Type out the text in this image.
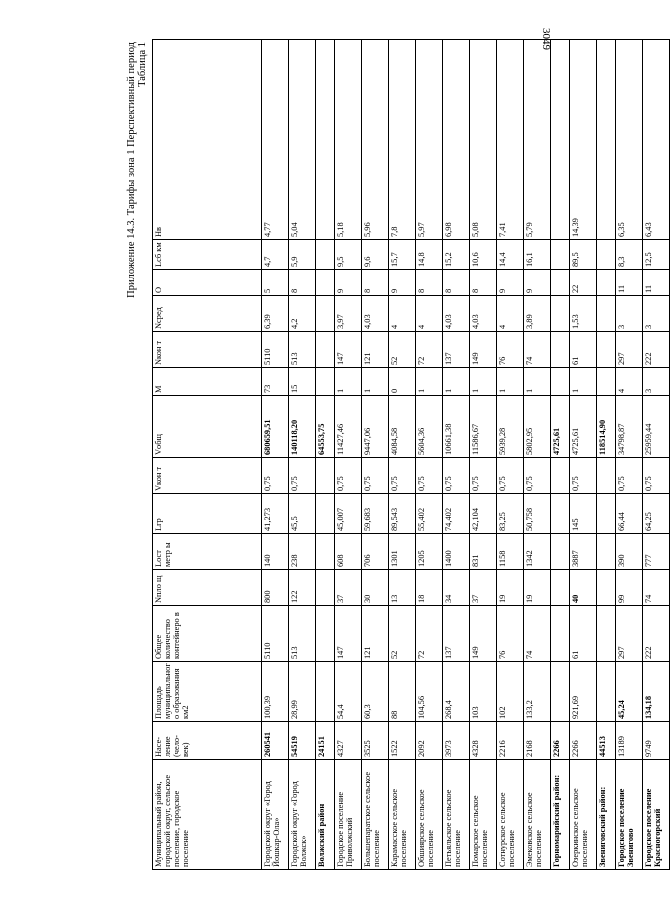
3049
Приложение 14.3. Тарифы зона 1 Перспективный период Таблица 1
Муниципальный район, городской округ, сельское поселение, городское поселение	Насе-ление (чело-век)	Площадь муниципальног о образования км2	Общее количество контейнеро в	Nпло щ	Lост метр ы	Lгр	Vкон т	Vобщ	М	Nкон т	Nсред	О	Lсб км	Нв
Городской округ «Город Йошкар-Ола»	260541	100,39	5110	800	140	41,273	0,75	680659,51	73	5110	6,39	5	4,7	4,77
Городской округ «Город Волжск»	54519	28,99	513	122	238	45,5	0,75	140118,20	15	513	4,2	8	5,9	5,04
Волжский район	24151							64553,75						
Городское поселение Приволжский	4327	54,4	147	37	608	45,007	0,75	11427,46	1	147	3,97	9	9,5	5,18
Большепаратское сельское поселение	3525	60,3	121	30	706	59,683	0,75	9447,06	1	121	4,03	8	9,6	5,96
Карамасское сельское поселение	1522	88	52	13	1301	89,543	0,75	4084,58	0	52	4	9	15,7	7,8
Обшиярское сельское поселение	2092	104,56	72	18	1205	55,402	0,75	5604,36	1	72	4	8	14,8	5,97
Петьяльское сельское поселение	3973	268,4	137	34	1400	74,402	0,75	10661,38	1	137	4,03	8	15,2	6,98
Помарское сельское поселение	4328	103	149	37	831	42,104	0,75	11586,67	1	149	4,03	8	10,6	5,08
Сотнурское сельское поселение	2216	102	76	19	1158	83,25	0,75	5939,28	1	76	4	9	14,4	7,41
Эмековское сельское поселение	2168	133,2	74	19	1342	50,758	0,75	5802,95	1	74	3,89	9	16,1	5,79
Горномарийский район:	2266							4725,61						
Озеркинское сельское поселение	2266	921,69	61	40	3887	145	0,75	4725,61	1	61	1,53	22	89,5	14,39
Звениговский район:	44513							118514,90						
Городское поселение Звенигово	13189	45,24	297	99	390	66,44	0,75	34798,87	4	297	3	11	8,3	6,35
Городское поселение Красногорский	9749	134,18	222	74	777	64,25	0,75	25959,44	3	222	3	11	12,5	6,43
